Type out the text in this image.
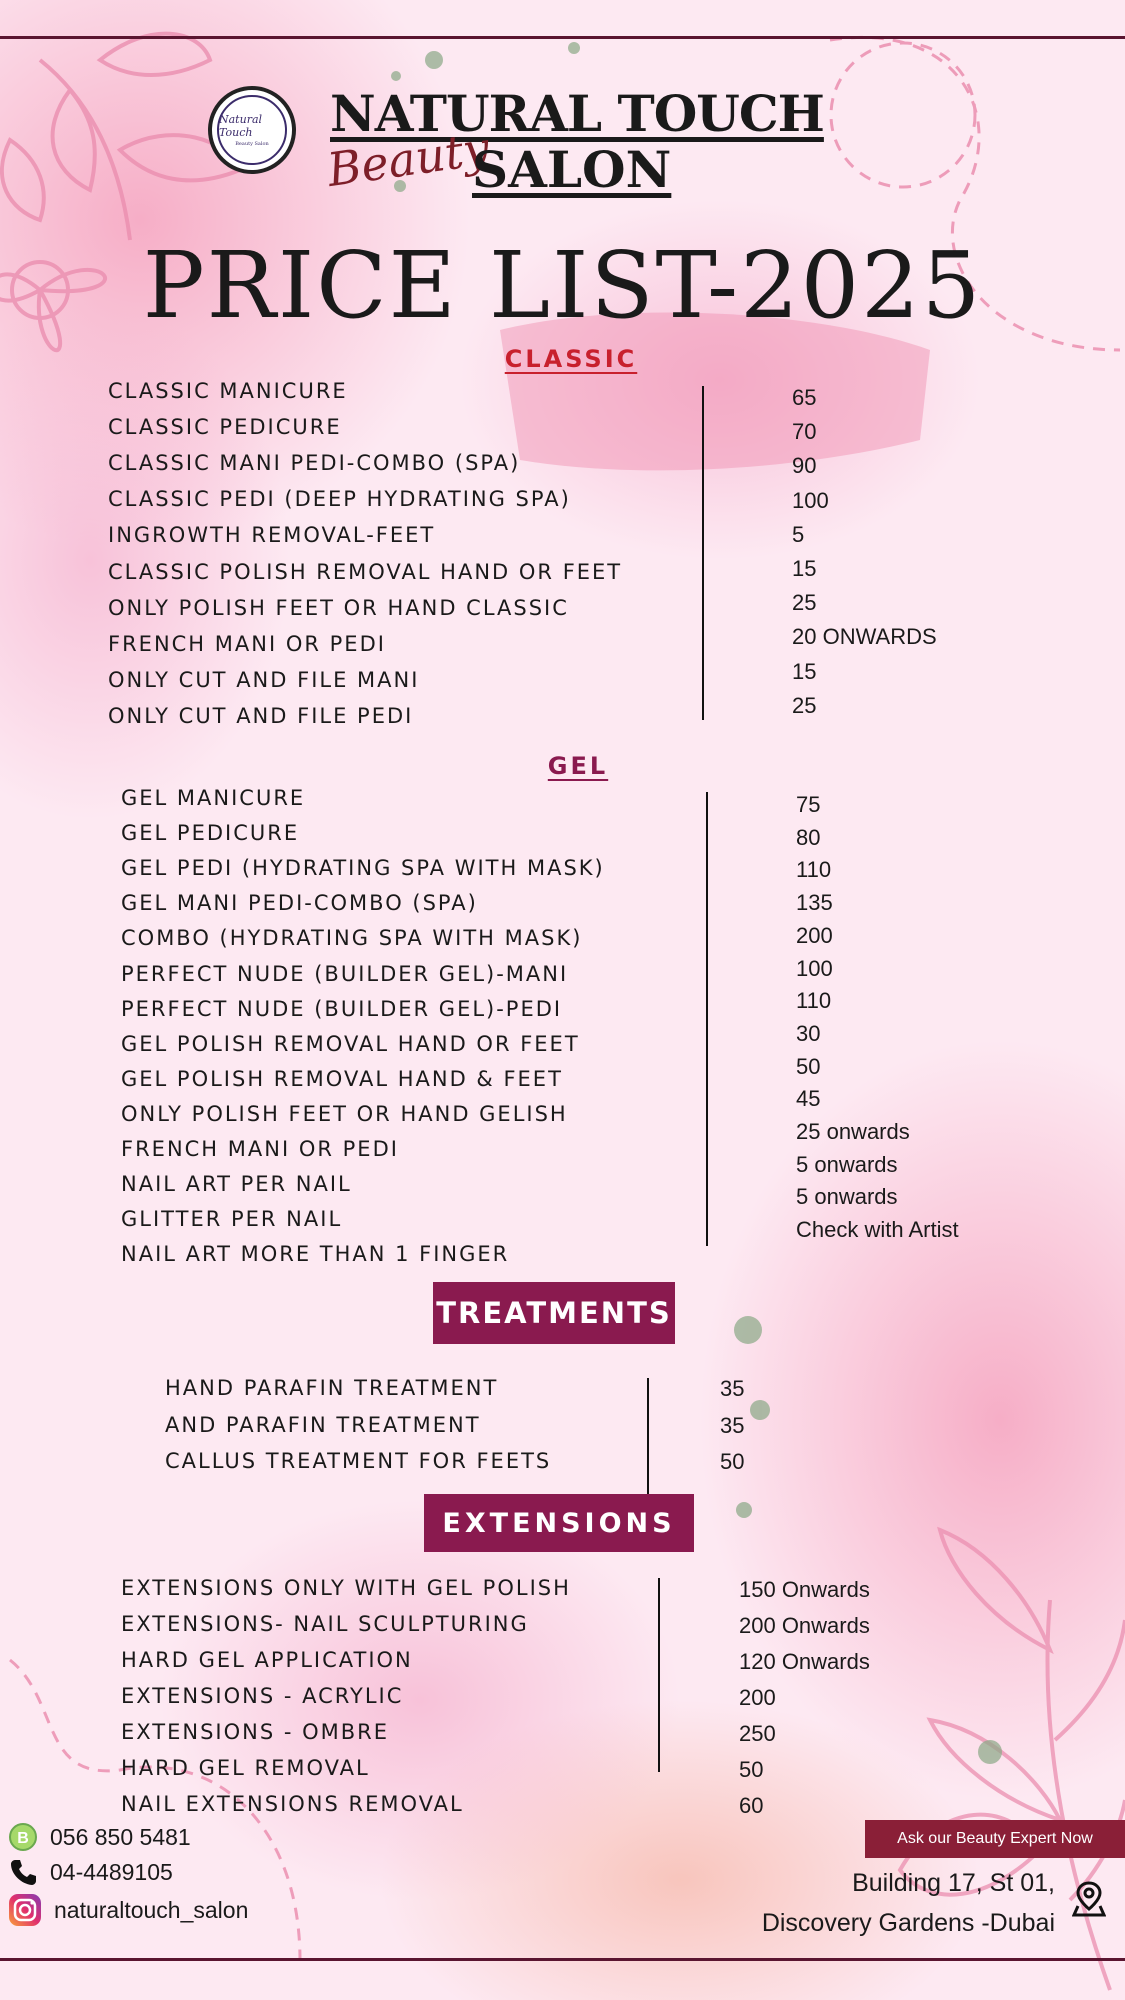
Natural Touch
Beauty Salon
NATURAL TOUCH
Beauty
SALON
PRICE LIST-2025
CLASSIC
CLASSIC MANICURE
CLASSIC PEDICURE
CLASSIC MANI PEDI-COMBO (SPA)
CLASSIC PEDI (DEEP HYDRATING SPA)
INGROWTH REMOVAL-FEET
CLASSIC POLISH REMOVAL HAND OR FEET
ONLY POLISH FEET OR HAND CLASSIC
FRENCH MANI OR PEDI
ONLY CUT AND FILE MANI
ONLY CUT AND FILE PEDI
65
70
90
100
5
15
25
20 ONWARDS
15
25
GEL
GEL MANICURE
GEL PEDICURE
GEL PEDI (HYDRATING SPA WITH MASK)
GEL MANI PEDI-COMBO (SPA)
COMBO (HYDRATING SPA WITH MASK)
PERFECT NUDE (BUILDER GEL)-MANI
PERFECT NUDE (BUILDER GEL)-PEDI
GEL POLISH REMOVAL HAND OR FEET
GEL POLISH REMOVAL HAND & FEET
ONLY POLISH FEET OR HAND GELISH
FRENCH MANI OR PEDI
NAIL ART PER NAIL
GLITTER PER NAIL
NAIL ART MORE THAN 1 FINGER
75
80
110
135
200
100
110
30
50
45
25 onwards
5 onwards
5 onwards
Check with Artist
TREATMENTS
HAND PARAFIN TREATMENT
AND PARAFIN TREATMENT
CALLUS TREATMENT FOR FEETS
35
35
50
EXTENSIONS
EXTENSIONS ONLY WITH GEL POLISH
EXTENSIONS- NAIL SCULPTURING
HARD GEL APPLICATION
EXTENSIONS - ACRYLIC
EXTENSIONS - OMBRE
HARD GEL REMOVAL
NAIL EXTENSIONS REMOVAL
150 Onwards
200 Onwards
120 Onwards
200
250
50
60
B 056 850 5481
04-4489105
naturaltouch_salon
Ask our Beauty Expert Now
Building 17, St 01,
Discovery Gardens -Dubai
